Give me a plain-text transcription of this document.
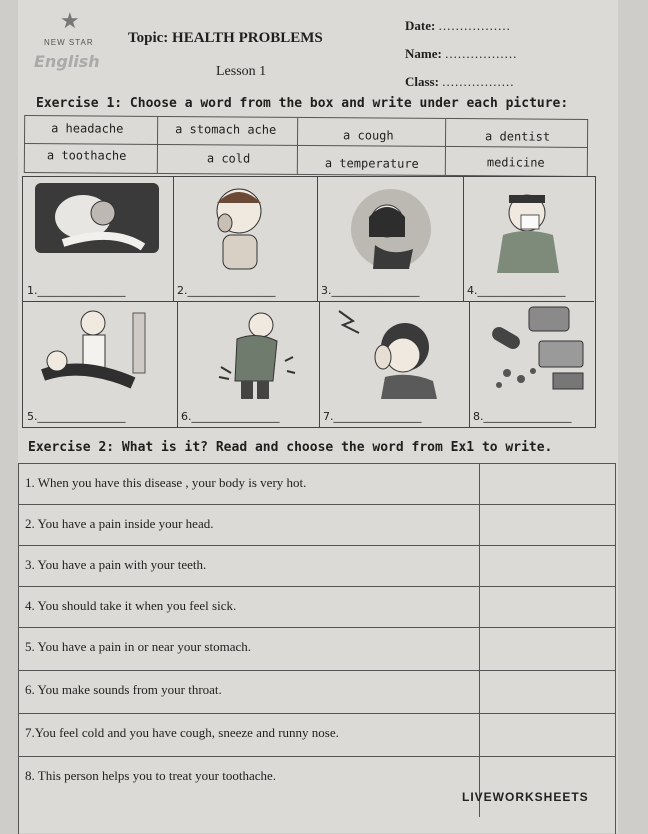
★
NEW STAR
English
Topic: HEALTH PROBLEMS
Lesson 1
Date: .................
Name: .................
Class: .................
Exercise 1: Choose a word from the box and write under each picture:
a headache	a stomach ache	a cough	a dentist
a toothache	a cold	a temperature	medicine
1.________________	2.________________	3.________________	4.________________
5.________________	6.________________	7.________________	8.________________
Exercise 2: What is it? Read and choose the word from Ex1 to write.
1. When you have this disease , your body is very hot.
2. You have a pain inside your head.
3. You have a pain with your teeth.
4. You should take it when you feel sick.
5. You have a pain in or near your stomach.
6. You make sounds from your throat.
7.You feel cold and you have cough, sneeze and runny nose.
8. This person helps you to treat your toothache.
LIVEWORKSHEETS
